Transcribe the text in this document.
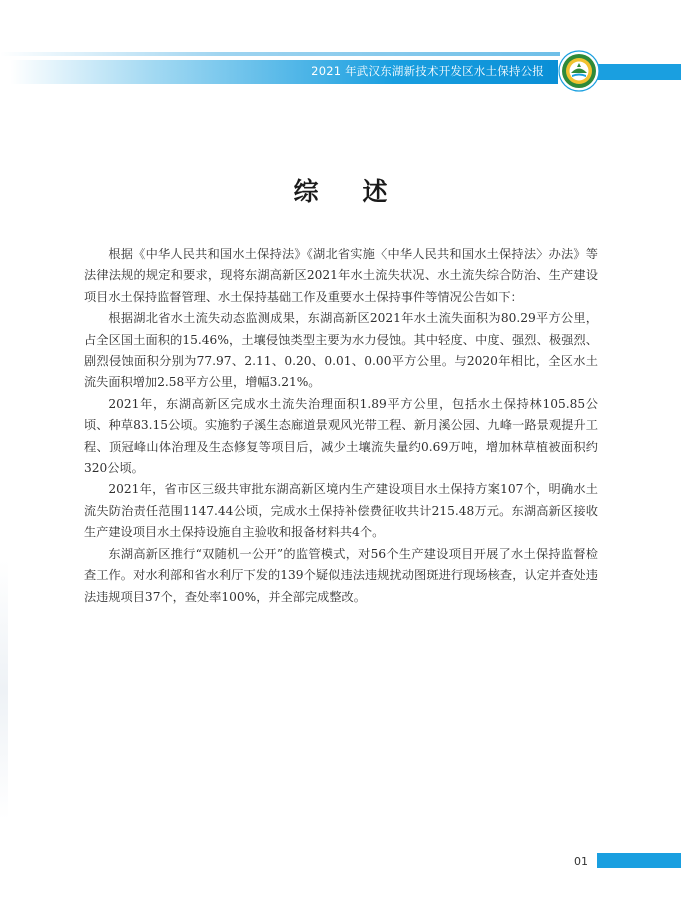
2021 年武汉东湖新技术开发区水土保持公报
综述

根据《中华人民共和国水土保持法》《湖北省实施〈中华人民共和国水土保持法〉办法》等法律法规的规定和要求，现将东湖高新区2021年水土流失状况、水土流失综合防治、生产建设项目水土保持监督管理、水土保持基础工作及重要水土保持事件等情况公告如下：

根据湖北省水土流失动态监测成果，东湖高新区2021年水土流失面积为80.29平方公里，占全区国土面积的15.46%，土壤侵蚀类型主要为水力侵蚀。其中轻度、中度、强烈、极强烈、剧烈侵蚀面积分别为77.97、2.11、0.20、0.01、0.00平方公里。与2020年相比，全区水土流失面积增加2.58平方公里，增幅3.21%。

2021年，东湖高新区完成水土流失治理面积1.89平方公里，包括水土保持林105.85公顷、种草83.15公顷。实施豹子溪生态廊道景观风光带工程、新月溪公园、九峰一路景观提升工程、顶冠峰山体治理及生态修复等项目后，减少土壤流失量约0.69万吨，增加林草植被面积约320公顷。

2021年，省市区三级共审批东湖高新区境内生产建设项目水土保持方案107个，明确水土流失防治责任范围1147.44公顷，完成水土保持补偿费征收共计215.48万元。东湖高新区接收生产建设项目水土保持设施自主验收和报备材料共4个。

东湖高新区推行“双随机一公开”的监管模式，对56个生产建设项目开展了水土保持监督检查工作。对水利部和省水利厅下发的139个疑似违法违规扰动图斑进行现场核查，认定并查处违法违规项目37个，查处率100%，并全部完成整改。

01
